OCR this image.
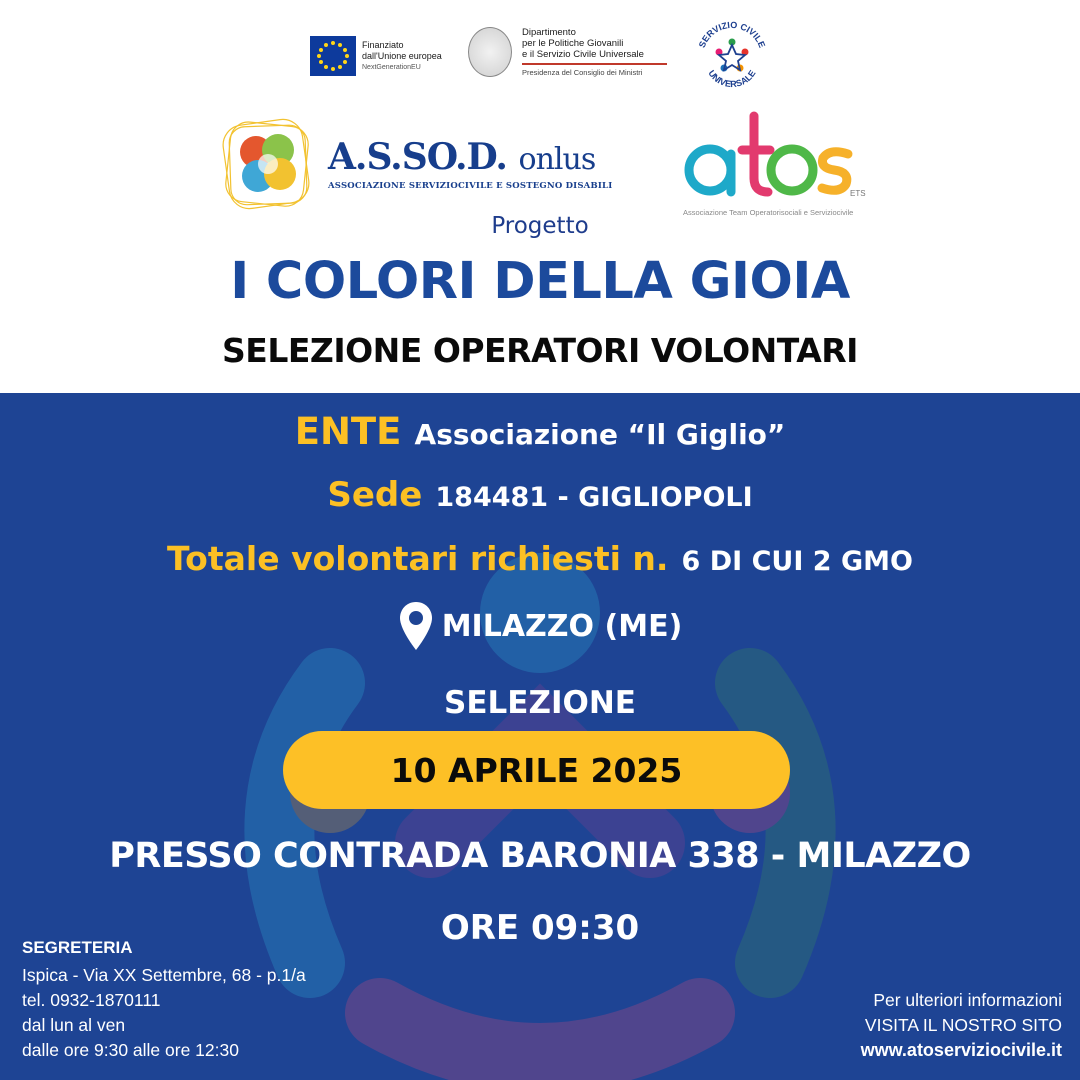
Finanziato
dall'Unione europea
NextGenerationEU
Dipartimento
per le Politiche Giovanili
e il Servizio Civile Universale
Presidenza del Consiglio dei Ministri
SERVIZIO CIVILE
UNIVERSALE
A.S.SO.D. onlus
ASSOCIAZIONE SERVIZIOCIVILE E SOSTEGNO DISABILI
ETS
Associazione Team Operatorisociali e Serviziocivile
Progetto
I COLORI DELLA GIOIA
SELEZIONE OPERATORI VOLONTARI
ENTE Associazione “Il Giglio”
Sede 184481 - GIGLIOPOLI
Totale volontari richiesti n. 6 DI CUI 2 GMO
MILAZZO (ME)
SELEZIONE
10 APRILE 2025
PRESSO CONTRADA BARONIA 338 - MILAZZO
ORE 09:30
SEGRETERIA
Ispica - Via XX Settembre, 68 - p.1/a
tel. 0932-1870111
dal lun al ven
dalle ore 9:30 alle ore 12:30
Per ulteriori informazioni
VISITA IL NOSTRO SITO
www.atoserviziocivile.it
